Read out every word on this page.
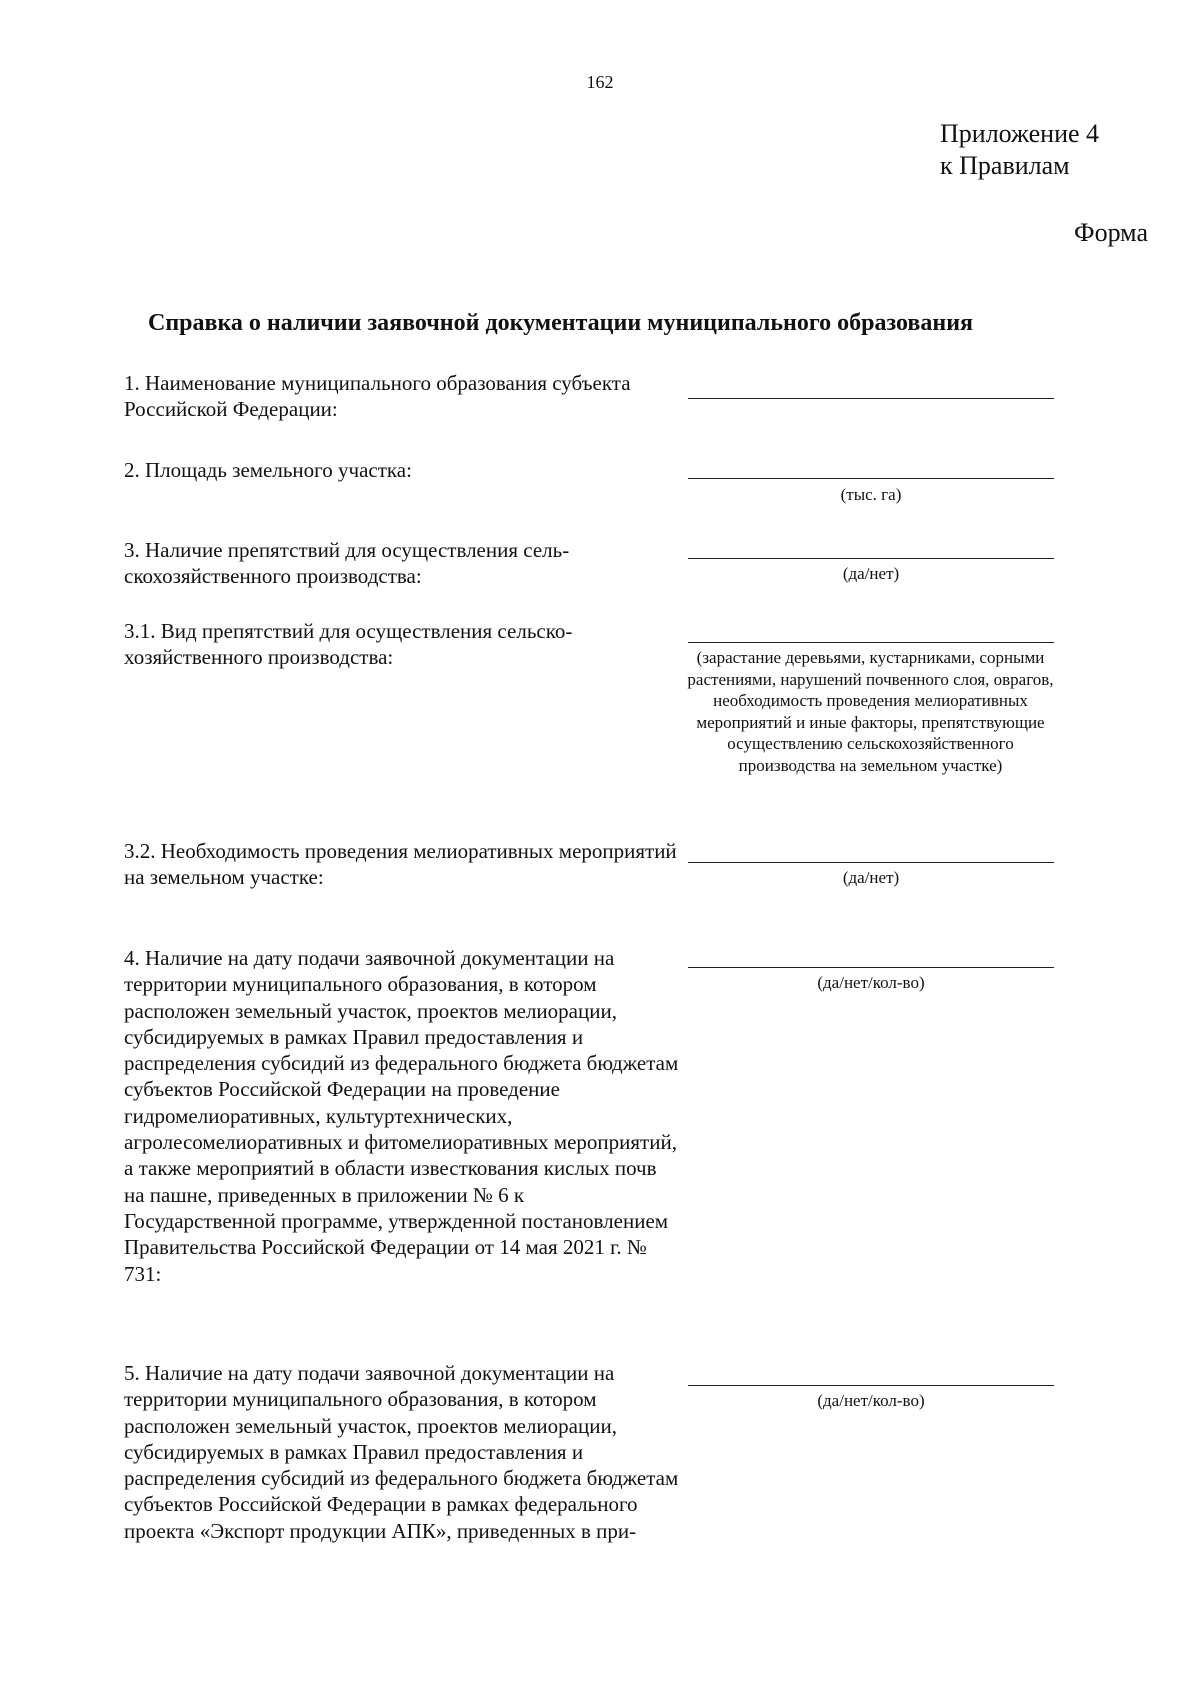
162
Приложение 4
к Правилам
Форма
Справка о наличии заявочной документации муниципального образования
1. Наименование муниципального образования субъекта Российской Федерации:
2. Площадь земельного участка:
(тыс. га)
3. Наличие препятствий для осуществления сель-скохозяйственного производства:	(да/нет)
3.1. Вид препятствий для осуществления сельско-хозяйственного производства:	(зарастание деревьями, кустарниками, сорными растениями, нарушений почвенного слоя, оврагов, необходимость проведения мелиоративных мероприятий и иные факторы, препятствующие осуществлению сельскохозяйственного производства на земельном участке)
3.2. Необходимость проведения мелиоративных мероприятий на земельном участке:	(да/нет)
4. Наличие на дату подачи заявочной документации на территории муниципального образования, в котором расположен земельный участок, проектов мелиорации, субсидируемых в рамках Правил предоставления и распределения субсидий из федерального бюджета бюджетам субъектов Российской Федерации на проведение гидромелиоративных, культуртехнических, агролесомелиоративных и фитомелиоративных мероприятий, а также мероприятий в области известкования кислых почв на пашне, приведенных в приложении № 6 к Государственной программе, утвержденной постановлением Правительства Российской Федерации от 14 мая 2021 г. № 731:
(да/нет/кол-во)
5. Наличие на дату подачи заявочной документации на территории муниципального образования, в котором расположен земельный участок, проектов мелиорации, субсидируемых в рамках Правил предоставления и распределения субсидий из федерального бюджета бюджетам субъектов Российской Федерации в рамках федерального проекта «Экспорт продукции АПК», приведенных в при-
(да/нет/кол-во)
